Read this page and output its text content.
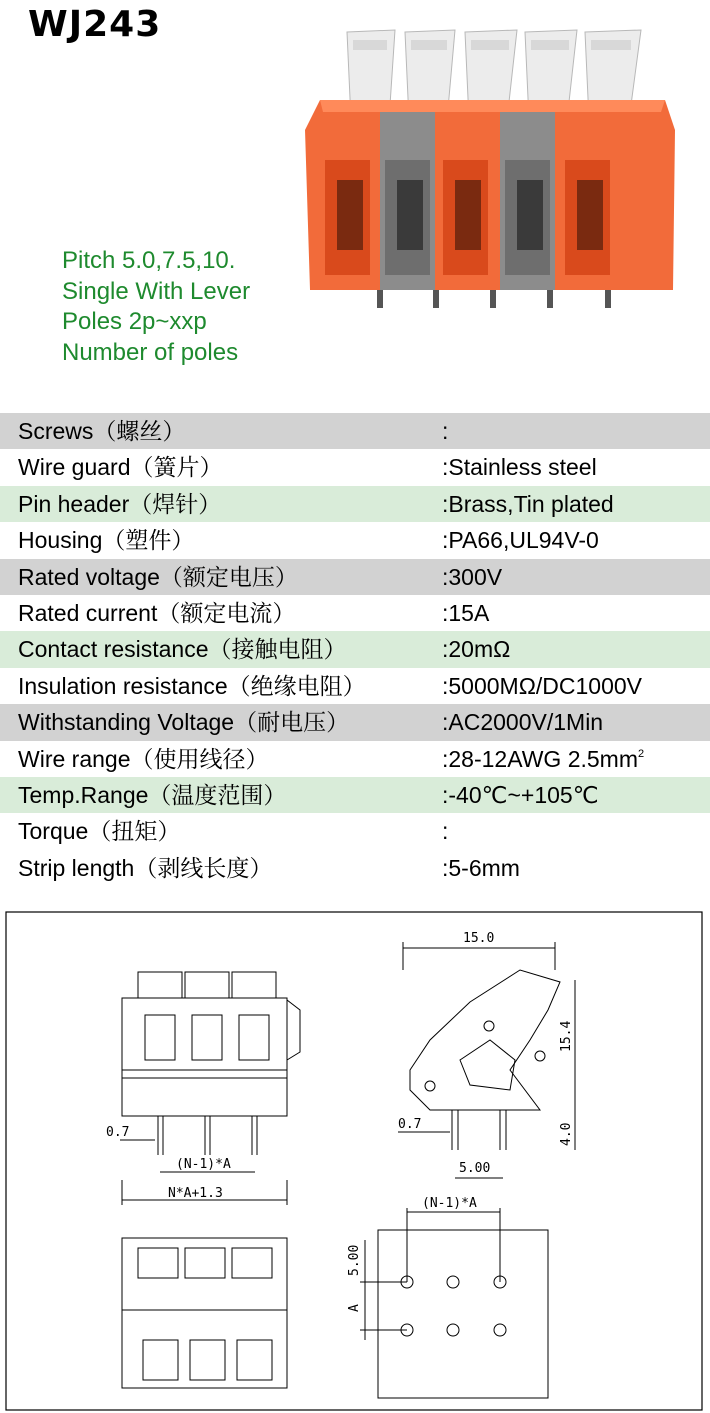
WJ243
Pitch 5.0,7.5,10.
Single With Lever
Poles 2p~xxp
Number of poles
Screws（螺丝）	:
Wire guard（簧片）	:Stainless steel
Pin header（焊针）	:Brass,Tin plated
Housing（塑件）	:PA66,UL94V-0
Rated voltage（额定电压）	:300V
Rated current（额定电流）	:15A
Contact resistance（接触电阻）	:20mΩ
Insulation resistance（绝缘电阻）	:5000MΩ/DC1000V
Withstanding Voltage（耐电压）	:AC2000V/1Min
Wire range（使用线径）	:28-12AWG $2.5mm^2$
Temp.Range（温度范围）	:-40℃~+105℃
Torque（扭矩）	:
Strip length（剥线长度）	:5-6mm
0.7
(N-1)*A
N*A+1.3
15.0
15.4
4.0
0.7
5.00
(N-1)*A
5.00
A
